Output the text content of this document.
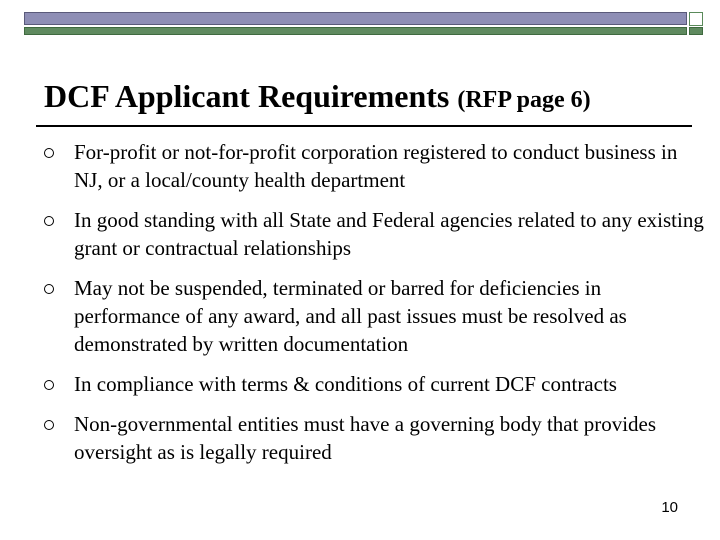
DCF Applicant Requirements (RFP page 6)
For-profit or not-for-profit corporation registered to conduct business in NJ, or a local/county health department
In good standing with all State and Federal agencies related to any existing grant or contractual relationships
May not be suspended, terminated or barred for deficiencies in performance of any award, and all past issues must be resolved as demonstrated by written documentation
In compliance with terms & conditions of current DCF contracts
Non-governmental entities must have a governing body that provides oversight as is legally required
10
